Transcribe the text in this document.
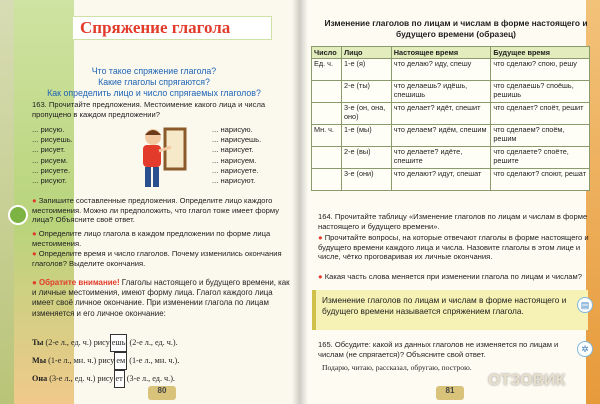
Спряжение глагола
Что такое спряжение глагола?
Какие глаголы спрягаются?
Как определить лицо и число спрягаемых глаголов?
163. Прочитайте предложения. Местоимение какого лица и числа пропущено в каждом предложении?
... рисую.
... рисуешь.
... рисует.
... рисуем.
... рисуете.
... рисуют.
... нарисую.
... нарисуешь.
... нарисует.
... нарисуем.
... нарисуете.
... нарисуют.
● Запишите составленные предложения. Определите лицо каждого местоимения. Можно ли предположить, что глагол тоже имеет форму лица? Объясните своё ответ.
● Определите лицо глагола в каждом предложении по форме лица местоимения.
● Определите время и число глаголов. Почему изменились окончания глаголов? Выделите окончания.
● Обратите внимание! Глаголы настоящего и будущего времени, как и личные местоимения, имеют форму лица. Глагол каждого лица имеет своё личное окончание. При изменении глагола по лицам изменяется и его личное окончание:
Ты (2-е л., ед. ч.) рису ешь (2-е л., ед. ч.).
Мы (1-е л., мн. ч.) рису ем (1-е л., мн. ч.).
Она (3-е л., ед. ч.) рису ет (3-е л., ед. ч.).
80
Изменение глаголов по лицам и числам в форме настоящего и будущего времени (образец)
Число	Лицо	Настоящее время	Будущее время
Ед. ч.	1-е (я)	что делаю? иду, спешу	что сделаю? спою, решу
	2-е (ты)	что делаешь? идёшь, спешишь	что сделаешь? споёшь, решишь
	3-е (он, она, оно)	что делает? идёт, спешит	что сделает? споёт, решит
Мн. ч.	1-е (мы)	что делаем? идём, спешим	что сделаем? споём, решим
	2-е (вы)	что делаете? идёте, спешите	что сделаете? споёте, решите
	3-е (они)	что делают? идут, спешат	что сделают? споют, решат
164. Прочитайте таблицу «Изменение глаголов по лицам и числам в форме настоящего и будущего времени».
● Прочитайте вопросы, на которые отвечают глаголы в форме настоящего и будущего времени каждого лица и числа. Назовите глаголы в этом лице и числе, чётко проговаривая их личные окончания.
● Какая часть слова меняется при изменении глагола по лицам и числам?
Изменение глаголов по лицам и числам в форме настоящего и будущего времени называется спряжением глагола.
▤
✲
165. Обсудите: какой из данных глаголов не изменяется по лицам и числам (не спрягается)? Объясните свой ответ.
Подарю, читаю, рассказал, обругаю, построю.
81
ОТЗОВИК
